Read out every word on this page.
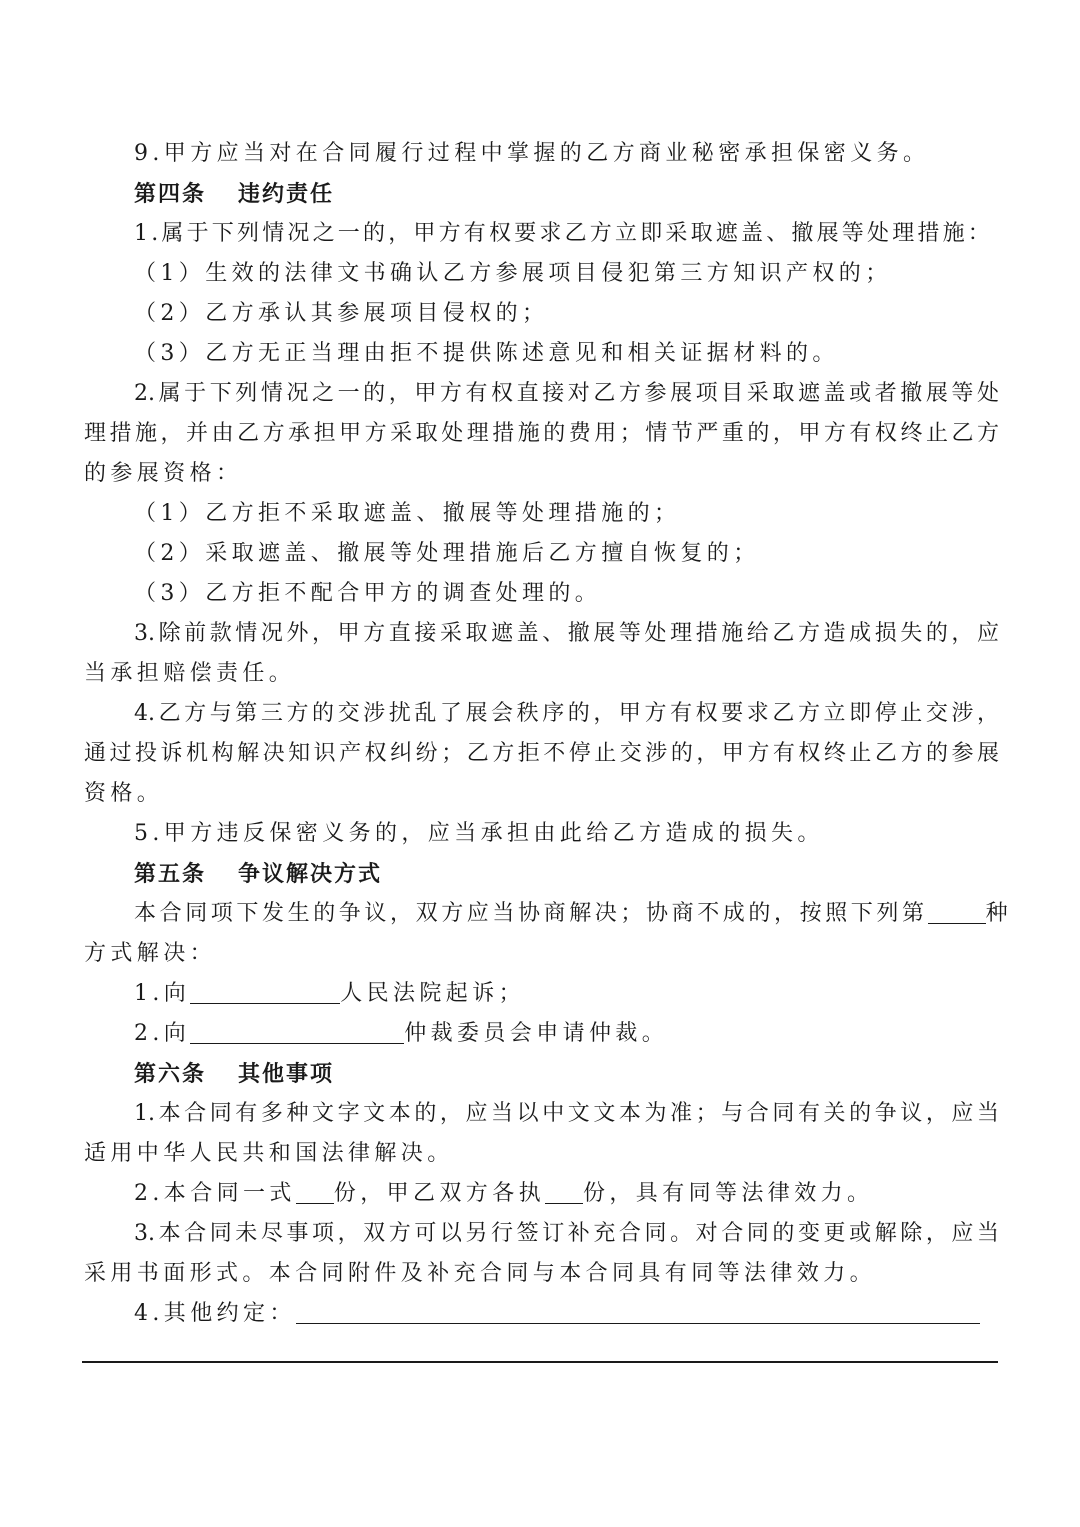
9.甲方应当对在合同履行过程中掌握的乙方商业秘密承担保密义务。
第四条 违约责任
1.属于下列情况之一的，甲方有权要求乙方立即采取遮盖、撤展等处理措施：
（1）生效的法律文书确认乙方参展项目侵犯第三方知识产权的；
（2）乙方承认其参展项目侵权的；
（3）乙方无正当理由拒不提供陈述意见和相关证据材料的。
2.属于下列情况之一的，甲方有权直接对乙方参展项目采取遮盖或者撤展等处
理措施，并由乙方承担甲方采取处理措施的费用；情节严重的，甲方有权终止乙方
的参展资格：
（1）乙方拒不采取遮盖、撤展等处理措施的；
（2）采取遮盖、撤展等处理措施后乙方擅自恢复的；
（3）乙方拒不配合甲方的调查处理的。
3.除前款情况外，甲方直接采取遮盖、撤展等处理措施给乙方造成损失的，应
当承担赔偿责任。
4.乙方与第三方的交涉扰乱了展会秩序的，甲方有权要求乙方立即停止交涉，
通过投诉机构解决知识产权纠纷；乙方拒不停止交涉的，甲方有权终止乙方的参展
资格。
5.甲方违反保密义务的，应当承担由此给乙方造成的损失。
第五条 争议解决方式
本合同项下发生的争议，双方应当协商解决；协商不成的，按照下列第	种
方式解决：
1.向	人民法院起诉；
2.向	仲裁委员会申请仲裁。
第六条 其他事项
1.本合同有多种文字文本的，应当以中文文本为准；与合同有关的争议，应当
适用中华人民共和国法律解决。
2.本合同一式 份，甲乙双方各执 份，具有同等法律效力。
3.本合同未尽事项，双方可以另行签订补充合同。对合同的变更或解除，应当
采用书面形式。本合同附件及补充合同与本合同具有同等法律效力。
4.其他约定：
